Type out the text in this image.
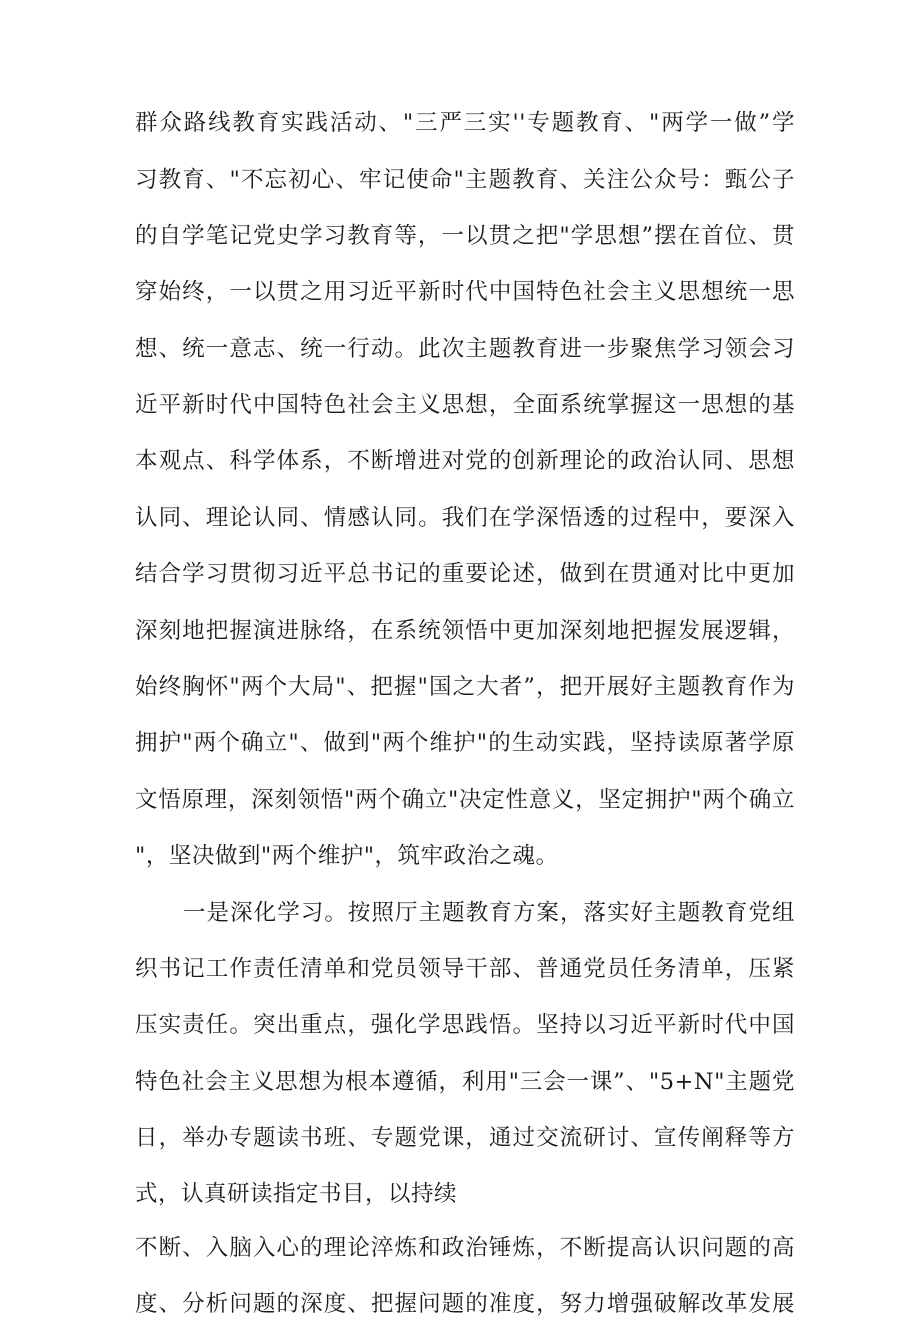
群众路线教育实践活动、"三严三实''专题教育、"两学一做”学
习教育、"不忘初心、牢记使命"主题教育、关注公众号：甄公子
的自学笔记党史学习教育等，一以贯之把"学思想”摆在首位、贯
穿始终，一以贯之用习近平新时代中国特色社会主义思想统一思
想、统一意志、统一行动。此次主题教育进一步聚焦学习领会习
近平新时代中国特色社会主义思想，全面系统掌握这一思想的基
本观点、科学体系，不断增进对党的创新理论的政治认同、思想
认同、理论认同、情感认同。我们在学深悟透的过程中，要深入
结合学习贯彻习近平总书记的重要论述，做到在贯通对比中更加
深刻地把握演进脉络，在系统领悟中更加深刻地把握发展逻辑，
始终胸怀"两个大局"、把握"国之大者”，把开展好主题教育作为
拥护"两个确立"、做到"两个维护"的生动实践，坚持读原著学原
文悟原理，深刻领悟"两个确立"决定性意义，坚定拥护"两个确立
"，坚决做到"两个维护"，筑牢政治之魂。
一是深化学习。按照厅主题教育方案，落实好主题教育党组
织书记工作责任清单和党员领导干部、普通党员任务清单，压紧
压实责任。突出重点，强化学思践悟。坚持以习近平新时代中国
特色社会主义思想为根本遵循，利用"三会一课”、"5+N"主题党
日，举办专题读书班、专题党课，通过交流研讨、宣传阐释等方
式，认真研读指定书目，以持续
不断、入脑入心的理论淬炼和政治锤炼，不断提高认识问题的高
度、分析问题的深度、把握问题的准度，努力增强破解改革发展
